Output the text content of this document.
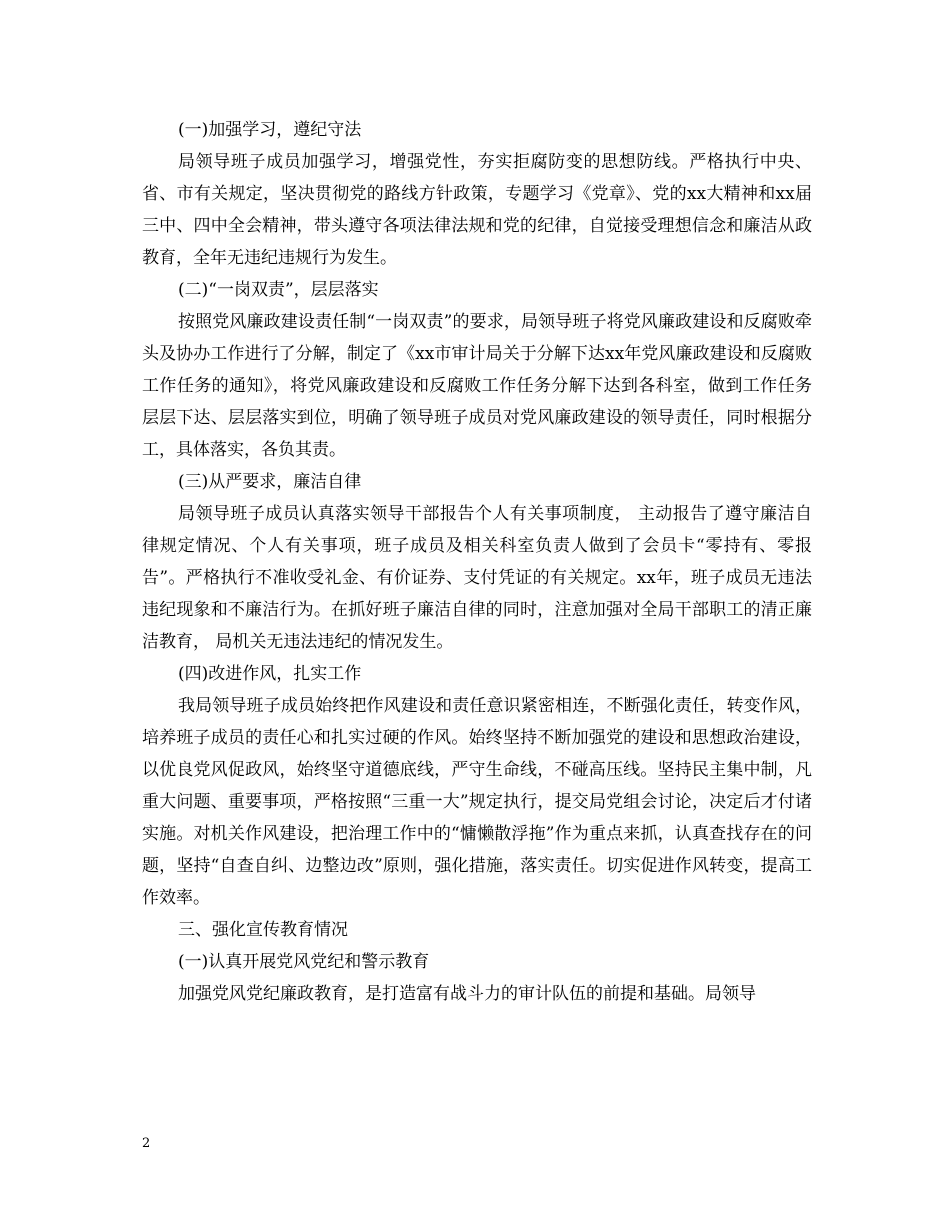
(一)加强学习，遵纪守法

局领导班子成员加强学习，增强党性，夯实拒腐防变的思想防线。严格执行中央、省、市有关规定，坚决贯彻党的路线方针政策，专题学习《党章》、党的xx大精神和xx届三中、四中全会精神，带头遵守各项法律法规和党的纪律，自觉接受理想信念和廉洁从政教育，全年无违纪违规行为发生。

(二)“一岗双责”，层层落实

按照党风廉政建设责任制“一岗双责”的要求，局领导班子将党风廉政建设和反腐败牵头及协办工作进行了分解，制定了《xx市审计局关于分解下达xx年党风廉政建设和反腐败工作任务的通知》，将党风廉政建设和反腐败工作任务分解下达到各科室，做到工作任务层层下达、层层落实到位，明确了领导班子成员对党风廉政建设的领导责任，同时根据分工，具体落实，各负其责。

(三)从严要求，廉洁自律

局领导班子成员认真落实领导干部报告个人有关事项制度， 主动报告了遵守廉洁自律规定情况、个人有关事项，班子成员及相关科室负责人做到了会员卡“零持有、零报告”。严格执行不准收受礼金、有价证券、支付凭证的有关规定。xx年，班子成员无违法违纪现象和不廉洁行为。在抓好班子廉洁自律的同时，注意加强对全局干部职工的清正廉洁教育， 局机关无违法违纪的情况发生。

(四)改进作风，扎实工作

我局领导班子成员始终把作风建设和责任意识紧密相连，不断强化责任，转变作风，培养班子成员的责任心和扎实过硬的作风。始终坚持不断加强党的建设和思想政治建设，以优良党风促政风，始终坚守道德底线，严守生命线，不碰高压线。坚持民主集中制，凡重大问题、重要事项，严格按照“三重一大”规定执行，提交局党组会讨论，决定后才付诸实施。对机关作风建设，把治理工作中的“慵懒散浮拖”作为重点来抓，认真查找存在的问题，坚持“自查自纠、边整边改”原则，强化措施，落实责任。切实促进作风转变，提高工作效率。

三、强化宣传教育情况

(一)认真开展党风党纪和警示教育

加强党风党纪廉政教育，是打造富有战斗力的审计队伍的前提和基础。局领导

2
